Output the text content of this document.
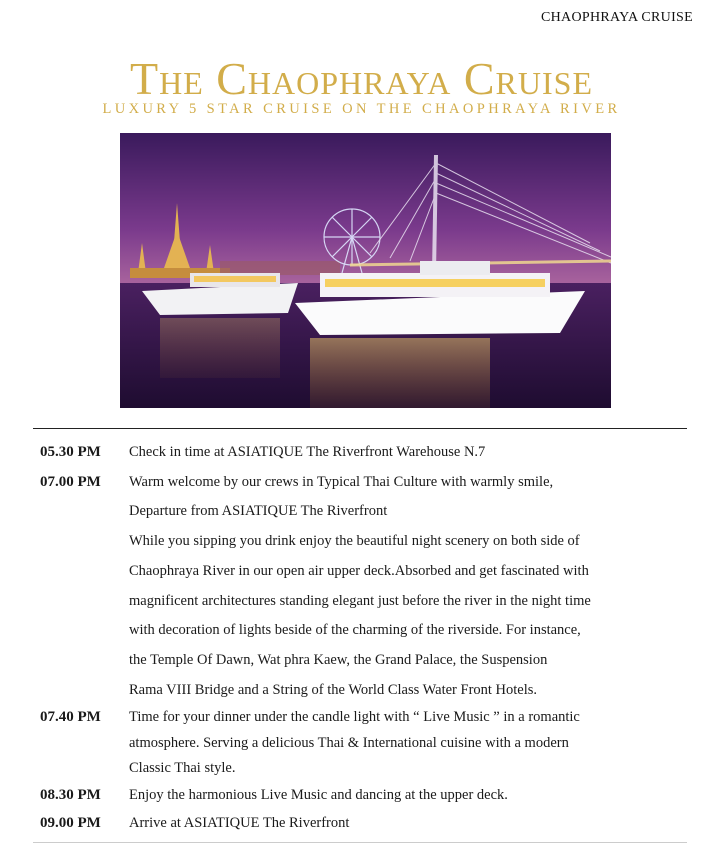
CHAOPHRAYA CRUISE
The Chaophraya Cruise
LUXURY 5 STAR CRUISE ON THE CHAOPHRAYA RIVER
05.30 PM	Check in time at ASIATIQUE The Riverfront Warehouse N.7
07.00 PM	Warm welcome by our crews in Typical Thai Culture with warmly smile,
Departure from ASIATIQUE The Riverfront
While you sipping you drink enjoy the beautiful night scenery on both side of
Chaophraya River in our open air upper deck.Absorbed and get fascinated with
magnificent architectures standing elegant just before the river in the night time
with decoration of lights beside of the charming of the riverside. For instance,
the Temple Of Dawn, Wat phra Kaew, the Grand Palace, the Suspension
Rama VIII Bridge and a String of the World Class Water Front Hotels.
07.40 PM	Time for your dinner under the candle light with “ Live Music ” in a romantic
atmosphere. Serving a delicious Thai & International cuisine with a modern
Classic Thai style.
08.30 PM	Enjoy the harmonious Live Music and dancing at the upper deck.
09.00 PM	Arrive at ASIATIQUE The Riverfront
